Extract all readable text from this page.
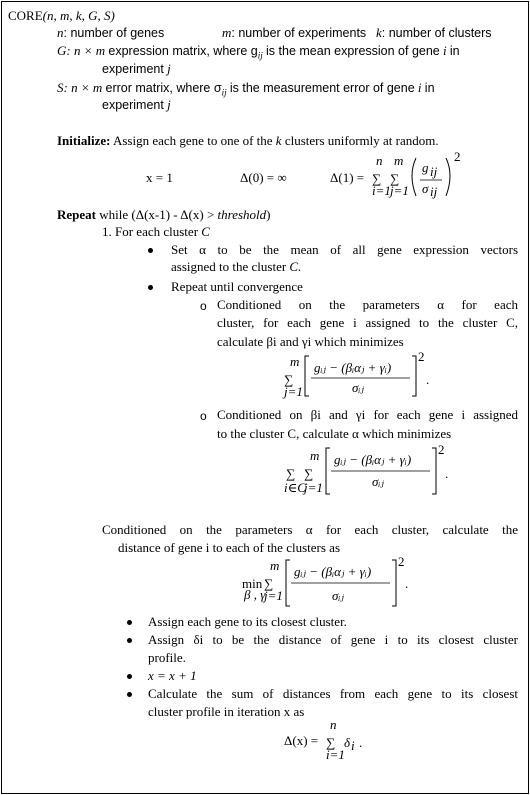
CORE(n, m, k, G, S)
n: number of genes	m: number of experiments k: number of clusters
G: n × m expression matrix, where $g_{ij}$ is the mean expression of gene i in
experiment j
S: n × m error matrix, where $\sigma_{ij}$ is the measurement error of gene i in
experiment j
Initialize: Assign each gene to one of the k clusters uniformly at random.
x = 1	Δ(0) = ∞	Δ(1) =
n
∑
i=1
m
∑
j=1
g ij
σ ij
2
Repeat while (Δ(x-1) - Δ(x) > threshold)
1. For each cluster C
Set α to be the mean of all gene expression vectors
assigned to the cluster C.
Repeat until convergence
o Conditioned on the parameters α for each
cluster, for each gene i assigned to the cluster C,
calculate βi and γi which minimizes
m
∑
j=1
gᵢⱼ − (βᵢαⱼ + γᵢ)
σᵢⱼ
2
.
o Conditioned on βi and γi for each gene i assigned
to the cluster C, calculate α which minimizes
∑
i∈C
m
∑
j=1
gᵢⱼ − (βᵢαⱼ + γᵢ)
σᵢⱼ
2
.
Conditioned on the parameters α for each cluster, calculate the
distance of gene i to each of the clusters as
min
β , γ
m
∑
j=1
gᵢⱼ − (βᵢαⱼ + γᵢ)
σᵢⱼ
2
.
Assign each gene to its closest cluster.
Assign δi to be the distance of gene i to its closest cluster
profile.
x = x + 1
Calculate the sum of distances from each gene to its closest
cluster profile in iteration x as
Δ(x) =
n
∑
i=1
δ i .
